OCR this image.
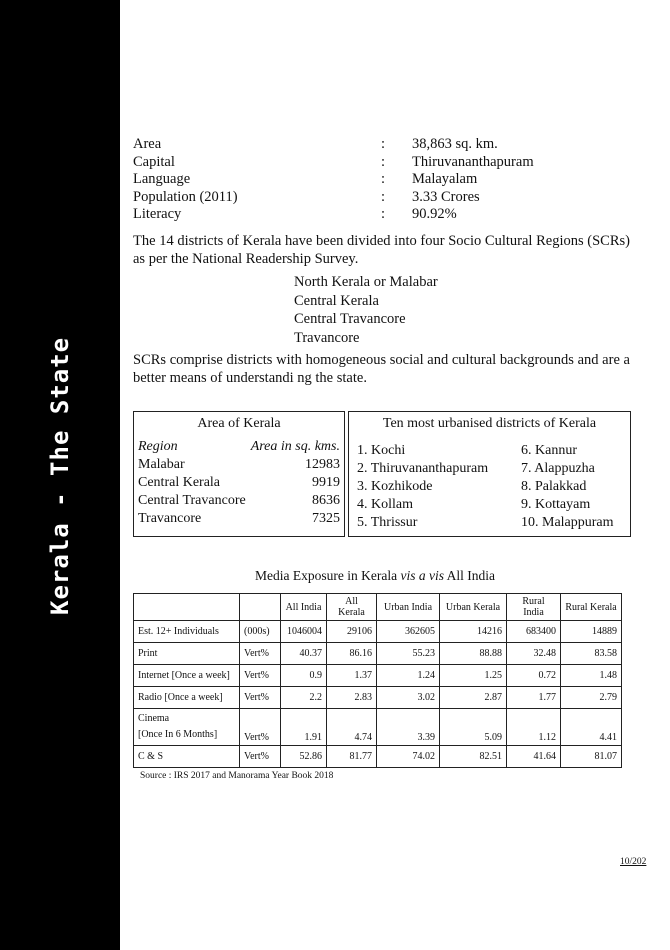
Kerala - The State
Area	: 38,863 sq. km.
Capital	: Thiruvananthapuram
Language	: Malayalam
Population (2011)	: 3.33 Crores
Literacy	: 90.92%

The 14 districts of Kerala have been divided into four Socio Cultural Regions (SCRs) as per the National Readership Survey.

North Kerala or Malabar
Central Kerala
Central Travancore
Travancore

SCRs comprise districts with homogeneous social and cultural backgrounds and are a better means of understandi ng the state.

Area of Kerala
Region	Area in sq. kms.
Malabar	12983
Central Kerala	9919
Central Travancore	8636
Travancore	7325
Ten most urbanised districts of Kerala
1. Kochi
2. Thiruvananthapuram
3. Kozhikode
4. Kollam
5. Thrissur
6. Kannur
7. Alappuzha
8. Palakkad
9. Kottayam
10. Malappuram
Media Exposure in Kerala vis a vis All India
		All India	All Kerala	Urban India	Urban Kerala	Rural India	Rural Kerala
Est. 12+ Individuals	(000s)	1046004	29106	362605	14216	683400	14889
Print	Vert%	40.37	86.16	55.23	88.88	32.48	83.58
Internet [Once a week]	Vert%	0.9	1.37	1.24	1.25	0.72	1.48
Radio [Once a week]	Vert%	2.2	2.83	3.02	2.87	1.77	2.79

Cinema
[Once In 6 Months]	Vert%	1.91	4.74	3.39	5.09	1.12	4.41
C & S	Vert%	52.86	81.77	74.02	82.51	41.64	81.07
Source : IRS 2017 and Manorama Year Book 2018
10/202
